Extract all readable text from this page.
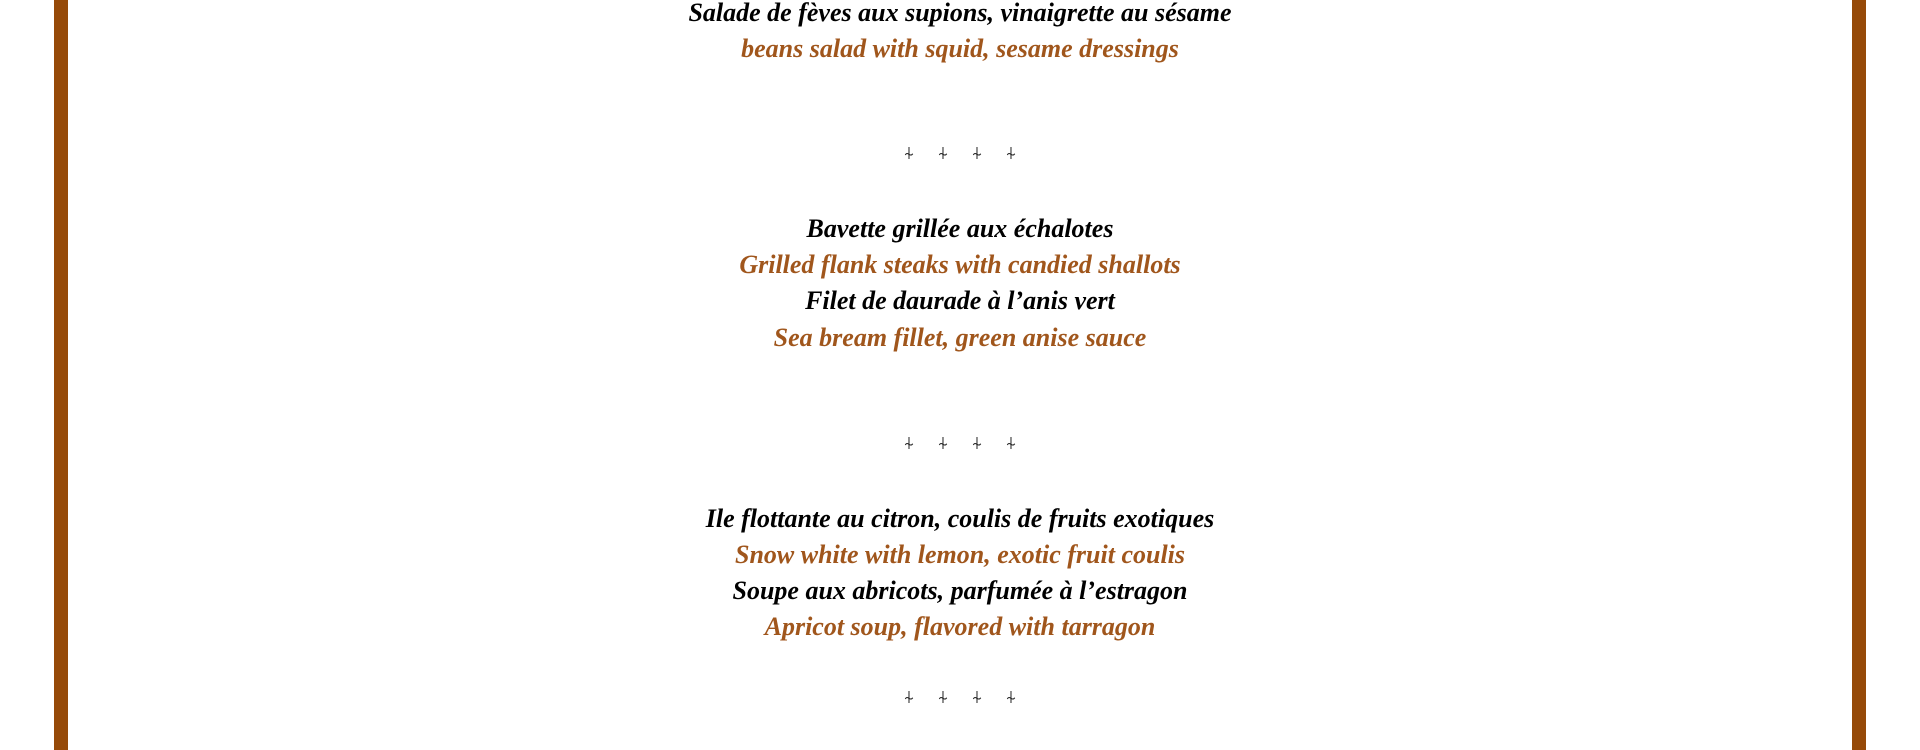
Salade de fèves aux supions, vinaigrette au sésame
beans salad with squid, sesame dressings
⍭ ⍭ ⍭ ⍭
Bavette grillée aux échalotes
Grilled flank steaks with candied shallots
Filet de daurade à l’anis vert
Sea bream fillet, green anise sauce
⍭ ⍭ ⍭ ⍭
Ile flottante au citron, coulis de fruits exotiques
Snow white with lemon, exotic fruit coulis
Soupe aux abricots, parfumée à l’estragon
Apricot soup, flavored with tarragon
⍭ ⍭ ⍭ ⍭
